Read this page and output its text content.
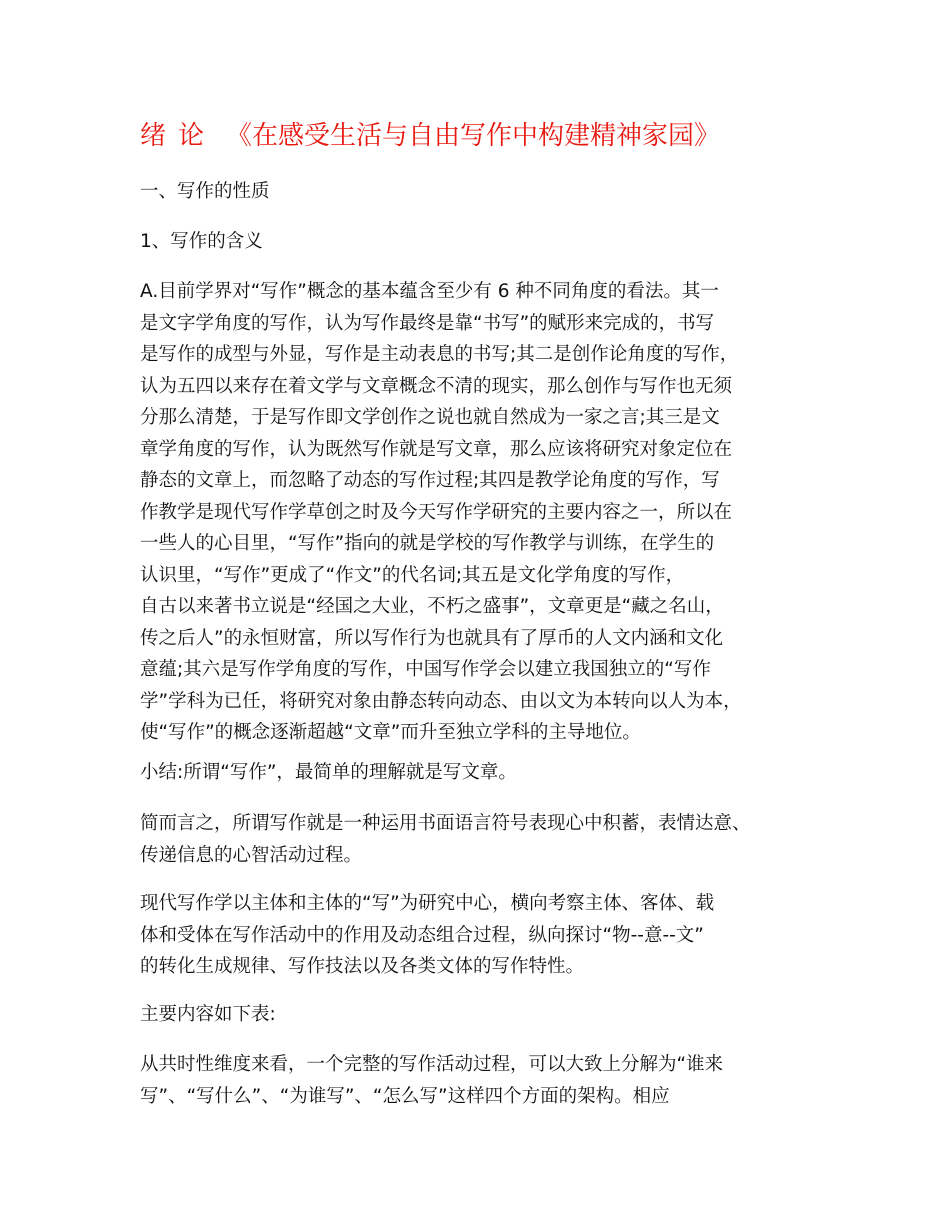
绪论 《在感受生活与自由写作中构建精神家园》

一、写作的性质

1、写作的含义

A.目前学界对“写作”概念的基本蕴含至少有 6 种不同角度的看法。其一
是文字学角度的写作，认为写作最终是靠“书写”的赋形来完成的，书写
是写作的成型与外显，写作是主动表息的书写;其二是创作论角度的写作，
认为五四以来存在着文学与文章概念不清的现实，那么创作与写作也无须
分那么清楚，于是写作即文学创作之说也就自然成为一家之言;其三是文
章学角度的写作，认为既然写作就是写文章，那么应该将研究对象定位在
静态的文章上，而忽略了动态的写作过程;其四是教学论角度的写作，写
作教学是现代写作学草创之时及今天写作学研究的主要内容之一，所以在
一些人的心目里，“写作”指向的就是学校的写作教学与训练，在学生的
认识里，“写作”更成了“作文”的代名词;其五是文化学角度的写作，
自古以来著书立说是“经国之大业，不朽之盛事”，文章更是“藏之名山，
传之后人”的永恒财富，所以写作行为也就具有了厚币的人文内涵和文化
意蕴;其六是写作学角度的写作，中国写作学会以建立我国独立的“写作
学”学科为已任，将研究对象由静态转向动态、由以文为本转向以人为本，
使“写作”的概念逐渐超越“文章”而升至独立学科的主导地位。

小结:所谓“写作”，最简单的理解就是写文章。

简而言之，所谓写作就是一种运用书面语言符号表现心中积蓄，表情达意、
传递信息的心智活动过程。

现代写作学以主体和主体的“写”为研究中心，横向考察主体、客体、载
体和受体在写作活动中的作用及动态组合过程，纵向探讨“物--意--文”
的转化生成规律、写作技法以及各类文体的写作特性。

主要内容如下表:

从共时性维度来看，一个完整的写作活动过程，可以大致上分解为“谁来
写”、“写什么”、“为谁写”、“怎么写”这样四个方面的架构。相应
